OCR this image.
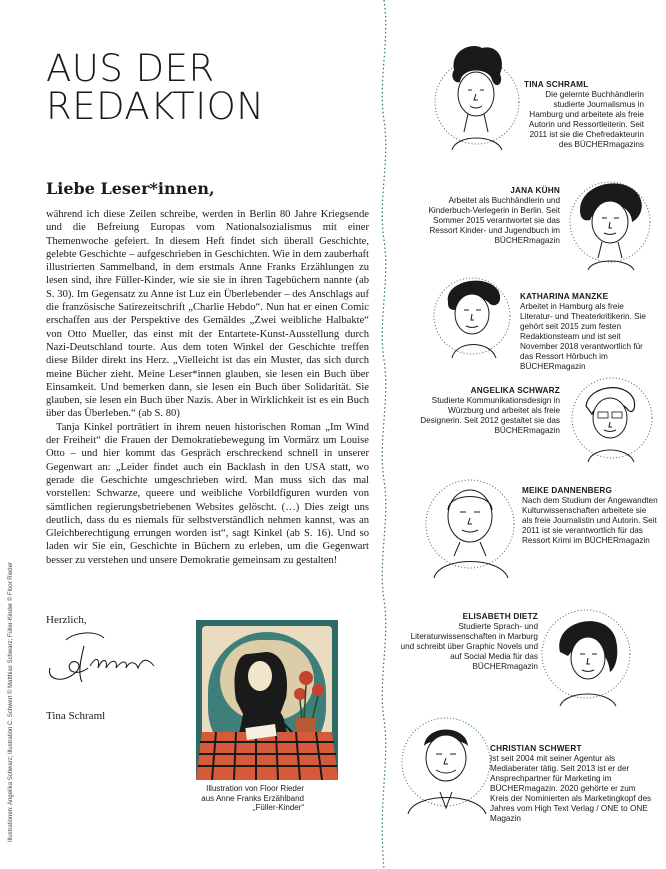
AUS DER
REDAKTION
Liebe Leser*innen,

während ich diese Zeilen schreibe, werden in Berlin 80 Jahre Kriegsende und die Befreiung Europas vom Nationalsozialismus mit einer Themenwoche gefeiert. In diesem Heft findet sich überall Geschichte, gelebte Geschichte – aufgeschrieben in Geschichten. Wie in dem zauberhaft illustrierten Sammelband, in dem erstmals Anne Franks Erzählungen zu lesen sind, ihre Füller-Kinder, wie sie sie in ihren Tagebüchern nannte (ab S. 30). Im Gegensatz zu Anne ist Luz ein Überlebender – des Anschlags auf die französische Satirezeitschrift „Charlie Hebdo“. Nun hat er einen Comic erschaffen aus der Perspektive des Gemäldes „Zwei weibliche Halbakte“ von Otto Mueller, das einst mit der Entartete-Kunst-Ausstellung durch Nazi-Deutschland tourte. Aus dem toten Winkel der Geschichte treffen diese Bilder direkt ins Herz. „Vielleicht ist das ein Muster, das sich durch meine Bücher zieht. Meine Leser*innen glauben, sie lesen ein Buch über Einsamkeit. Und bemerken dann, sie lesen ein Buch über Solidarität. Sie glauben, sie lesen ein Buch über Nazis. Aber in Wirklichkeit ist es ein Buch über das Überleben.“ (ab S. 80)

Tanja Kinkel porträtiert in ihrem neuen historischen Roman „Im Wind der Freiheit“ die Frauen der Demokratiebewegung im Vormärz um Louise Otto – und hier kommt das Gespräch erschreckend schnell in unserer Gegenwart an: „Leider findet auch ein Backlash in den USA statt, wo gerade die Geschichte umgeschrieben wird. Man muss sich das mal vorstellen: Schwarze, queere und weibliche Vorbildfiguren wurden von sämtlichen regierungsbetriebenen Websites gelöscht. (…) Dies zeigt uns deutlich, dass du es niemals für selbstverständlich nehmen kannst, was an Gleichberechtigung errungen worden ist“, sagt Kinkel (ab S. 16). Und so laden wir Sie ein, Geschichte in Büchern zu erleben, um die Gegenwart besser zu verstehen und unsere Demokratie gemeinsam zu gestalten!

Herzlich,
Tina Schraml
Illustration von Floor Rieder aus Anne Franks Erzählband „Füller-Kinder“
Illustrationen: Angelika Schwarz; Illustration C. Schwert © Matthias Schwarz; Füller-Kinder © Floor Rieder
TINA SCHRAML
Die gelernte Buchhändlerin studierte Journalismus in Hamburg und arbeitete als freie Autorin und Ressortleiterin. Seit 2011 ist sie die Chefredakteurin des BÜCHERmagazins
JANA KÜHN
Arbeitet als Buchhändlerin und Kinderbuch-Verlegerin in Berlin. Seit Sommer 2015 verantwortet sie das Ressort Kinder- und Jugendbuch im BÜCHERmagazin
KATHARINA MANZKE
Arbeitet in Hamburg als freie Literatur- und Theaterkritikerin. Sie gehört seit 2015 zum festen Redaktionsteam und ist seit November 2018 verantwortlich für das Ressort Hörbuch im BÜCHERmagazin
ANGELIKA SCHWARZ
Studierte Kommunikationsdesign in Würzburg und arbeitet als freie Designerin. Seit 2012 gestaltet sie das BÜCHERmagazin
MEIKE DANNENBERG
Nach dem Studium der Angewandten Kulturwissenschaften arbeitete sie als freie Journalistin und Autorin. Seit 2011 ist sie verantwortlich für das Ressort Krimi im BÜCHERmagazin
ELISABETH DIETZ
Studierte Sprach- und Literaturwissenschaften in Marburg und schreibt über Graphic Novels und auf Social Media für das BÜCHERmagazin
CHRISTIAN SCHWERT
Ist seit 2004 mit seiner Agentur als Mediaberater tätig. Seit 2013 ist er der Ansprechpartner für Marketing im BÜCHERmagazin. 2020 gehörte er zum Kreis der Nominierten als Marketingkopf des Jahres vom High Text Verlag / ONE to ONE Magazin
